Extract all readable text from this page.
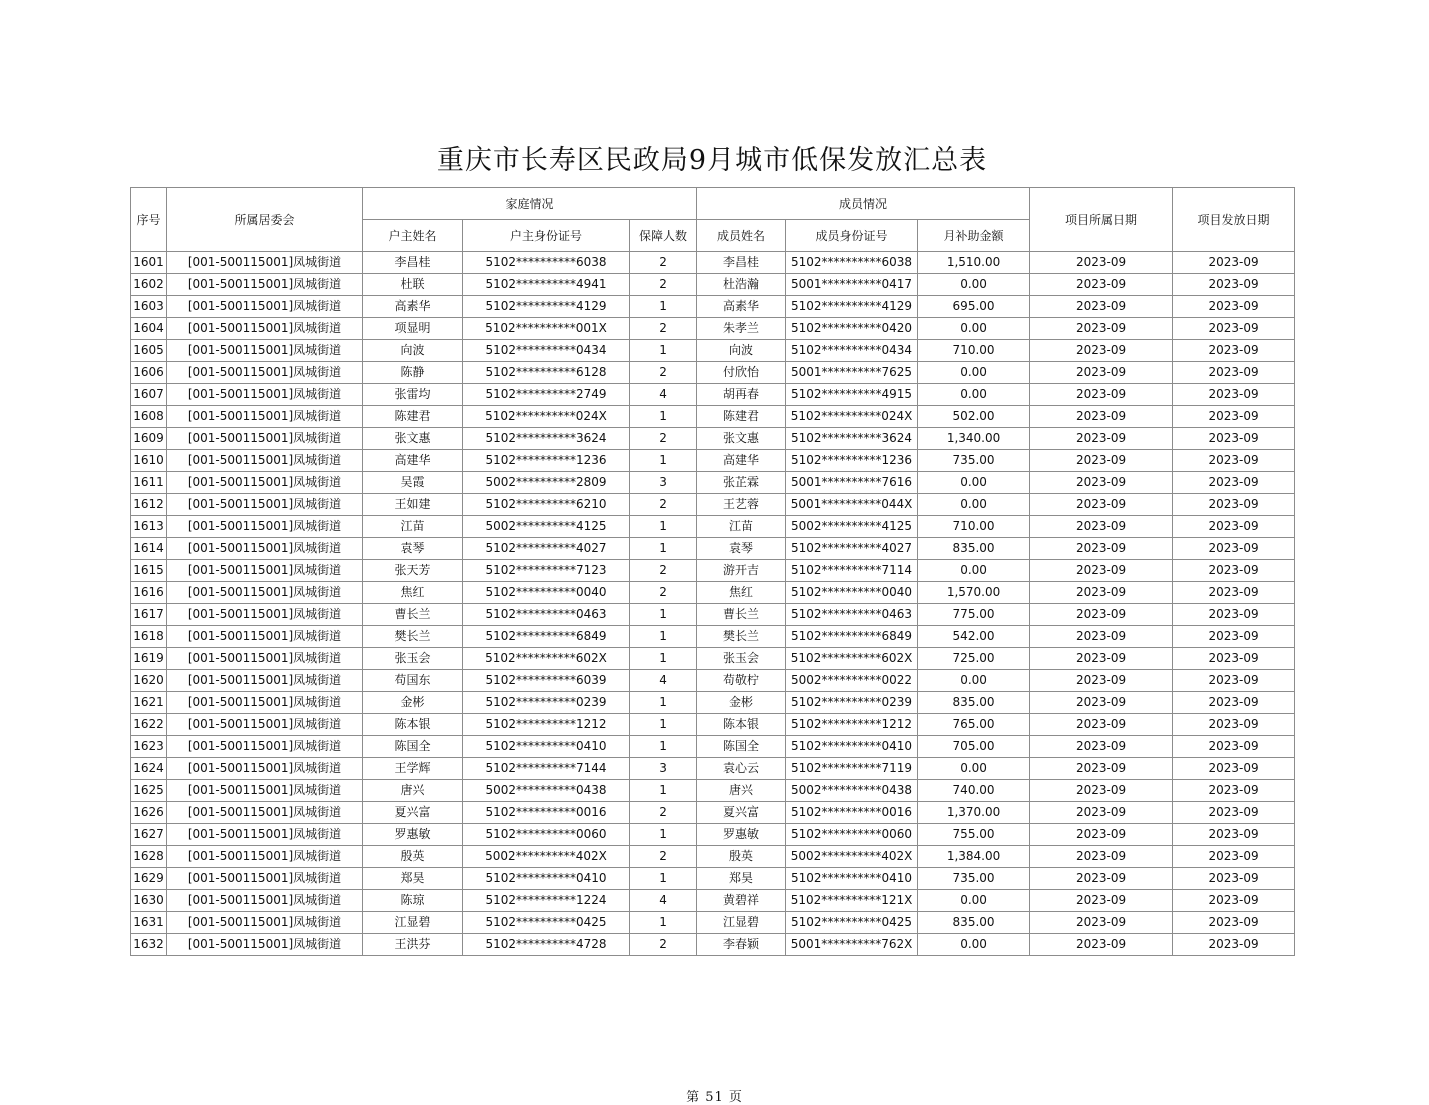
重庆市长寿区民政局9月城市低保发放汇总表
序号	所属居委会	家庭情况			成员情况			项目所属日期	项目发放日期
		户主姓名	户主身份证号	保障人数	成员姓名	成员身份证号	月补助金额		
1601	[001-500115001]凤城街道	李昌桂	5102**********6038	2	李昌桂	5102**********6038	1,510.00	2023-09	2023-09
1602	[001-500115001]凤城街道	杜联	5102**********4941	2	杜浩瀚	5001**********0417	0.00	2023-09	2023-09
1603	[001-500115001]凤城街道	高素华	5102**********4129	1	高素华	5102**********4129	695.00	2023-09	2023-09
1604	[001-500115001]凤城街道	项显明	5102**********001X	2	朱孝兰	5102**********0420	0.00	2023-09	2023-09
1605	[001-500115001]凤城街道	向波	5102**********0434	1	向波	5102**********0434	710.00	2023-09	2023-09
1606	[001-500115001]凤城街道	陈静	5102**********6128	2	付欣怡	5001**********7625	0.00	2023-09	2023-09
1607	[001-500115001]凤城街道	张雷均	5102**********2749	4	胡再春	5102**********4915	0.00	2023-09	2023-09
1608	[001-500115001]凤城街道	陈建君	5102**********024X	1	陈建君	5102**********024X	502.00	2023-09	2023-09
1609	[001-500115001]凤城街道	张文惠	5102**********3624	2	张文惠	5102**********3624	1,340.00	2023-09	2023-09
1610	[001-500115001]凤城街道	高建华	5102**********1236	1	高建华	5102**********1236	735.00	2023-09	2023-09
1611	[001-500115001]凤城街道	吴霞	5002**********2809	3	张芷霖	5001**********7616	0.00	2023-09	2023-09
1612	[001-500115001]凤城街道	王如建	5102**********6210	2	王艺蓉	5001**********044X	0.00	2023-09	2023-09
1613	[001-500115001]凤城街道	江苗	5002**********4125	1	江苗	5002**********4125	710.00	2023-09	2023-09
1614	[001-500115001]凤城街道	袁琴	5102**********4027	1	袁琴	5102**********4027	835.00	2023-09	2023-09
1615	[001-500115001]凤城街道	张天芳	5102**********7123	2	游开吉	5102**********7114	0.00	2023-09	2023-09
1616	[001-500115001]凤城街道	焦红	5102**********0040	2	焦红	5102**********0040	1,570.00	2023-09	2023-09
1617	[001-500115001]凤城街道	曹长兰	5102**********0463	1	曹长兰	5102**********0463	775.00	2023-09	2023-09
1618	[001-500115001]凤城街道	樊长兰	5102**********6849	1	樊长兰	5102**********6849	542.00	2023-09	2023-09
1619	[001-500115001]凤城街道	张玉会	5102**********602X	1	张玉会	5102**********602X	725.00	2023-09	2023-09
1620	[001-500115001]凤城街道	苟国东	5102**********6039	4	苟敬柠	5002**********0022	0.00	2023-09	2023-09
1621	[001-500115001]凤城街道	金彬	5102**********0239	1	金彬	5102**********0239	835.00	2023-09	2023-09
1622	[001-500115001]凤城街道	陈本银	5102**********1212	1	陈本银	5102**********1212	765.00	2023-09	2023-09
1623	[001-500115001]凤城街道	陈国全	5102**********0410	1	陈国全	5102**********0410	705.00	2023-09	2023-09
1624	[001-500115001]凤城街道	王学辉	5102**********7144	3	袁心云	5102**********7119	0.00	2023-09	2023-09
1625	[001-500115001]凤城街道	唐兴	5002**********0438	1	唐兴	5002**********0438	740.00	2023-09	2023-09
1626	[001-500115001]凤城街道	夏兴富	5102**********0016	2	夏兴富	5102**********0016	1,370.00	2023-09	2023-09
1627	[001-500115001]凤城街道	罗惠敏	5102**********0060	1	罗惠敏	5102**********0060	755.00	2023-09	2023-09
1628	[001-500115001]凤城街道	殷英	5002**********402X	2	殷英	5002**********402X	1,384.00	2023-09	2023-09
1629	[001-500115001]凤城街道	郑昊	5102**********0410	1	郑昊	5102**********0410	735.00	2023-09	2023-09
1630	[001-500115001]凤城街道	陈琼	5102**********1224	4	黄碧祥	5102**********121X	0.00	2023-09	2023-09
1631	[001-500115001]凤城街道	江显碧	5102**********0425	1	江显碧	5102**********0425	835.00	2023-09	2023-09
1632	[001-500115001]凤城街道	王洪芬	5102**********4728	2	李春颖	5001**********762X	0.00	2023-09	2023-09
第 51 页
